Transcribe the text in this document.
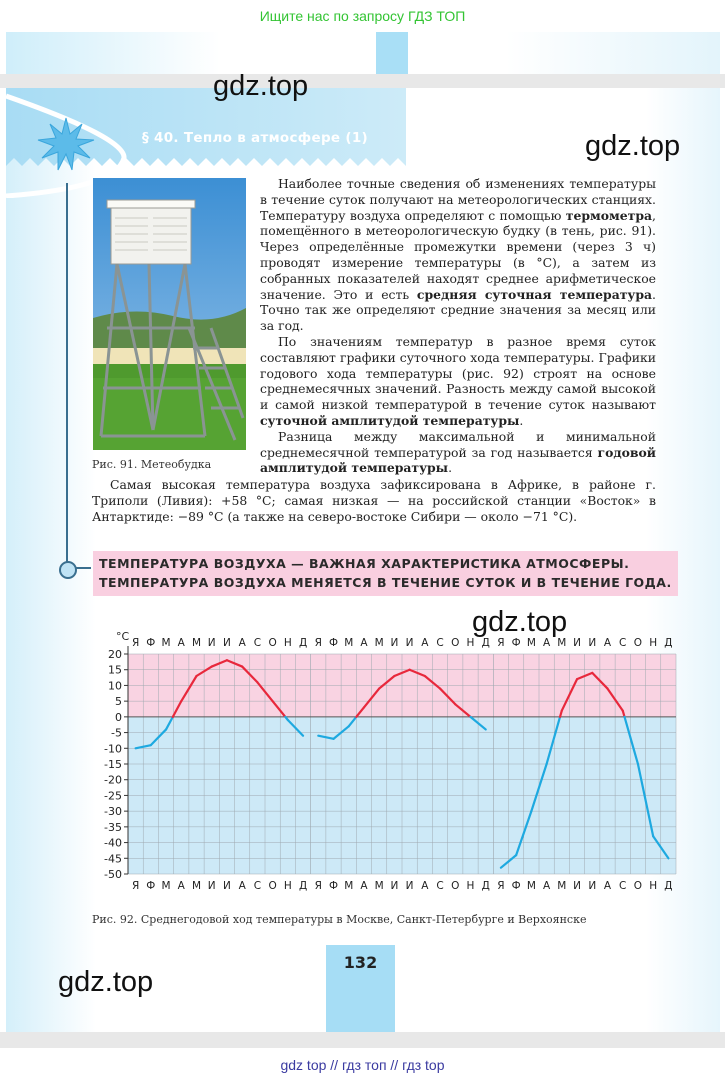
Ищите нас по запросу ГДЗ ТОП
§ 40. Тепло в атмосфере (1)
Рис. 91. Метеобудка

Наиболее точные сведения об изменениях температуры в течение суток получают на метеорологических станциях. Температуру воздуха определяют с помощью термометра, помещённого в метеорологическую будку (в тень, рис. 91). Через определённые промежутки времени (через 3 ч) проводят измерение температуры (в °С), а затем из собранных показателей находят среднее арифметическое значение. Это и есть средняя суточная температура. Точно так же определяют средние значения за месяц или за год.

По значениям температур в разное время суток составляют графики суточного хода температуры. Графики годового хода температуры (рис. 92) строят на основе среднемесячных значений. Разность между самой высокой и самой низкой температурой в течение суток называют суточной амплитудой температуры.

Разница между максимальной и минимальной среднемесячной температурой за год называется годовой амплитудой температуры.

Самая высокая температура воздуха зафиксирована в Африке, в районе г. Триполи (Ливия): +58 °С; самая низкая — на российской станции «Восток» в Антарктиде: −89 °С (а также на северо-востоке Сибири — около −71 °С).

20
15
10
5
0
-5
-10
-15
-20
-25
-30
-35
-40
-45
-50
°С Я
Я
Ф
Ф
М
М
А
А
М
М
И
И
И
И
А
А
С
С
О
О
Н
Н
Д
Д
Я
Я
Ф
Ф
М
М
А
А
М
М
И
И
И
И
А
А
С
С
О
О
Н
Н
Д
Д
Я
Я
Ф
Ф
М
М
А
А
М
М
И
И
И
И
А
А
С
С
О
О
Н
Н
Д
Д
Рис. 92. Среднегодовой ход температуры в Москве, Санкт-Петербурге и Верхоянске
ТЕМПЕРАТУРА ВОЗДУХА — ВАЖНАЯ ХАРАКТЕРИСТИКА АТМОСФЕРЫ.
ТЕМПЕРАТУРА ВОЗДУХА МЕНЯЕТСЯ В ТЕЧЕНИЕ СУТОК И В ТЕЧЕНИЕ ГОДА.
132
gdz.top
gdz.top
gdz.top
gdz.top
gdz top // гдз топ // гдз top
